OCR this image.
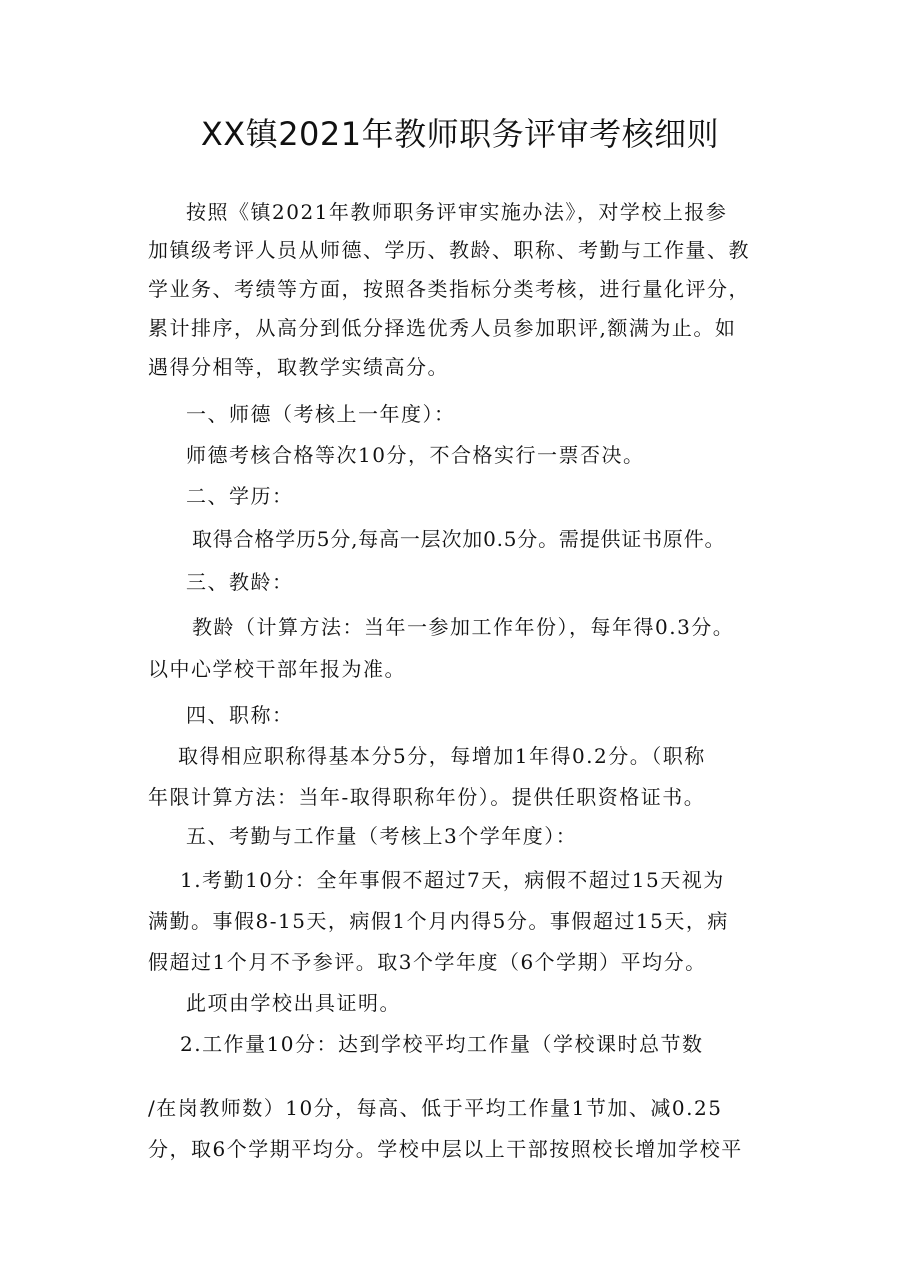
XX镇2021年教师职务评审考核细则
按照《镇2021年教师职务评审实施办法》，对学校上报参
加镇级考评人员从师德、学历、教龄、职称、考勤与工作量、教
学业务、考绩等方面，按照各类指标分类考核，进行量化评分，
累计排序，从高分到低分择选优秀人员参加职评,额满为止。如
遇得分相等，取教学实绩高分。
一、师德（考核上一年度）：
师德考核合格等次10分，不合格实行一票否决。
二、学历：
取得合格学历5分,每高一层次加0.5分。需提供证书原件。
三、教龄：
教龄（计算方法：当年一参加工作年份），每年得0.3分。
以中心学校干部年报为准。
四、职称：
取得相应职称得基本分5分，每增加1年得0.2分。（职称
年限计算方法：当年-取得职称年份）。提供任职资格证书。
五、考勤与工作量（考核上3个学年度）：
1.考勤10分：全年事假不超过7天，病假不超过15天视为
满勤。事假8-15天，病假1个月内得5分。事假超过15天，病
假超过1个月不予参评。取3个学年度（6个学期）平均分。
此项由学校出具证明。
2.工作量10分：达到学校平均工作量（学校课时总节数
/在岗教师数）10分，每高、低于平均工作量1节加、减0.25
分，取6个学期平均分。学校中层以上干部按照校长增加学校平
